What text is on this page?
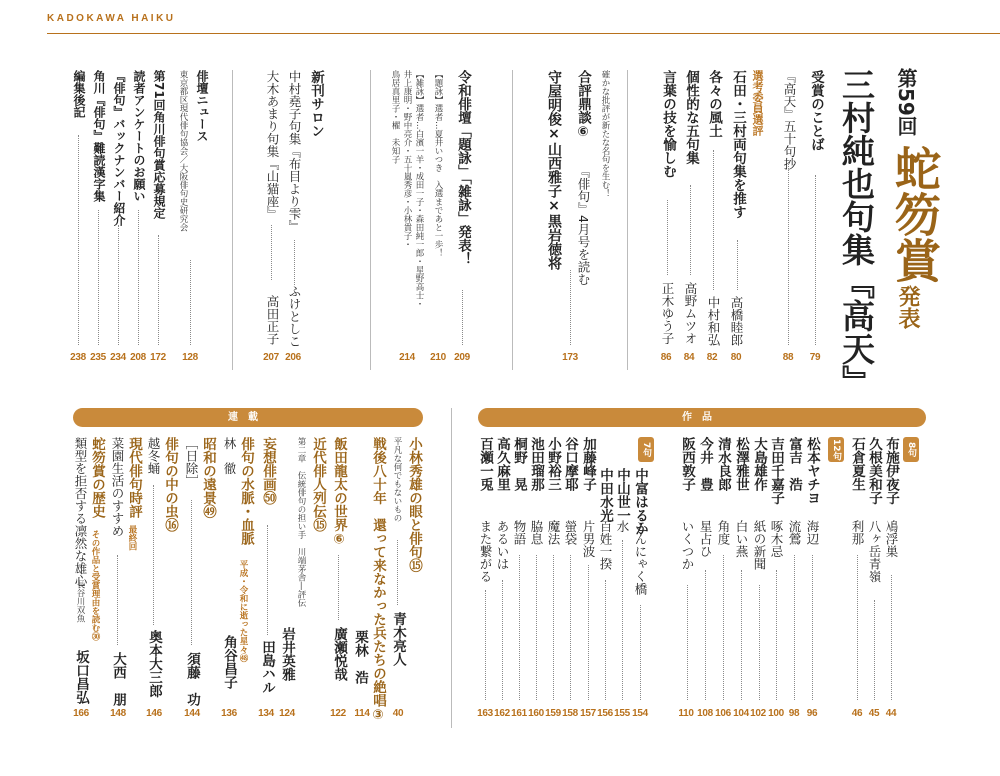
KADOKAWA HAIKU
第59回
蛇笏賞
発表
三村純也句集『高天』
受賞のことば
79
『高天』五十句抄
88
選考委員選評
石田・三村両句集を推す
高橋睦郎
80
各々の風土
中村和弘
82
個性的な五句集
高野ムツオ
84
言葉の技を愉しむ
正木ゆう子
86
確かな批評が新たな名句を生む！
合評鼎談⑥
『俳句』4月号を読む
守屋明俊×山西雅子×黒岩徳将
173
令和俳壇「題詠」「雑詠」発表！
209
【題詠】選者…夏井いつき　入選まであと一歩！
210
【雑詠】選者…白濱一羊・成田一子・森田純一郎・星野高士・
井上康明・野中亮介・五十嵐秀彦・小林貴子・
鳥居真里子・櫂　未知子
214
新刊サロン
中村堯子句集『布目より雫』
ふけとしこ
206
大木あまり句集『山猫座』
高田正子
207
俳壇ニュース
東京都区現代俳句協会／大阪俳句史研究会
128
第71回角川俳句賞応募規定
172
読者アンケートのお願い
208
『俳句』バックナンバー紹介
234
角川『俳句』難読漢字集
235
編集後記
238
連載	作品
8句
12句
7句	布施伊夜子
鳰浮巣
44
久根美和子
八ヶ岳青嶺
45
石倉夏生
利那
46
松本ヤチヨ
海辺
96
富吉　浩
流鶯
98
吉田千嘉子
啄木忌
100
大島雄作
紙の新聞
102
松澤雅世
白い燕
104
清水良郎
角度
106
今井　豊
星占ひ
108
阪西敦子
いくつか
110
中富はるか
こんにゃく橋
154
中山世一
水
155
中田水光
百姓一揆
156
加藤峰子
片男波
157
谷口摩耶
螢袋
158
小野裕三
魔法
159
池田瑠那
脇息
160
桐野　晃
物語
161
高久麻里
あるいは
162
百瀬一兎
また繋がる
163
小林秀雄の眼と俳句⑮
平凡な何でもないもの
青木亮人
40
戦後八十年　還って来なかった兵たちの絶唱③
栗林　浩
114
飯田龍太の世界⑥
廣瀬悦哉
122
近代俳人列伝⑮
第二章　伝統俳句の担い手　川端茅舎―評伝
岩井英雅
124
妄想俳画㊿
田島ハル
134
俳句の水脈・血脈
平成・令和に逝った星々㊽
林　徹
角谷昌子
136
昭和の遠景㊾
［日除］
須藤　功
144
俳句の中の虫⑯
越冬蛹
奥本大三郎
146
現代俳句時評
最終回
菜園生活のすすめ
大西　朋
148
蛇笏賞の歴史
その作品と受賞理由を読む㉚
類型を拒否する凛然な雄心
長谷川双魚
坂口昌弘
166
